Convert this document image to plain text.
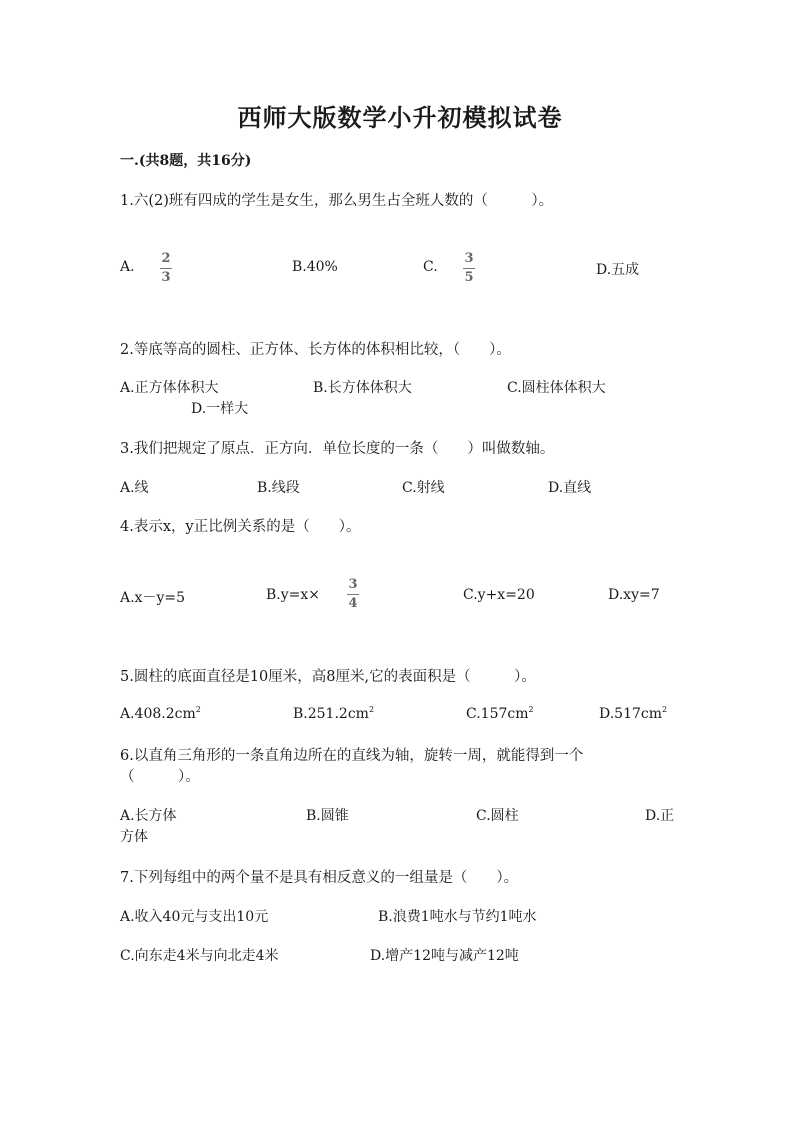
西师大版数学小升初模拟试卷
一.(共8题，共16分)
1.六(2)班有四成的学生是女生，那么男生占全班人数的（　　　）。
A.
2
3
B.40%	C.
3
5	D.五成
2.等底等高的圆柱、正方体、长方体的体积相比较，（　　）。
A.正方体体积大	B.长方体体积大	C.圆柱体体积大
D.一样大
3.我们把规定了原点．正方向．单位长度的一条（　　）叫做数轴。
A.线	B.线段	C.射线	D.直线
4.表示x，y正比例关系的是（　　）。
A.x－y=5	B.y=x×
3
4
C.y+x=20	D.xy=7
5.圆柱的底面直径是10厘米，高8厘米,它的表面积是（　　　）。
$A.408.2cm^2$	$B.251.2cm^2$	$C.157cm^2$	$D.517cm^2$
6.以直角三角形的一条直角边所在的直线为轴，旋转一周，就能得到一个
（　　　）。
A.长方体	B.圆锥	C.圆柱	D.正
方体
7.下列每组中的两个量不是具有相反意义的一组量是（　　）。
A.收入40元与支出10元	B.浪费1吨水与节约1吨水
C.向东走4米与向北走4米	D.增产12吨与减产12吨
